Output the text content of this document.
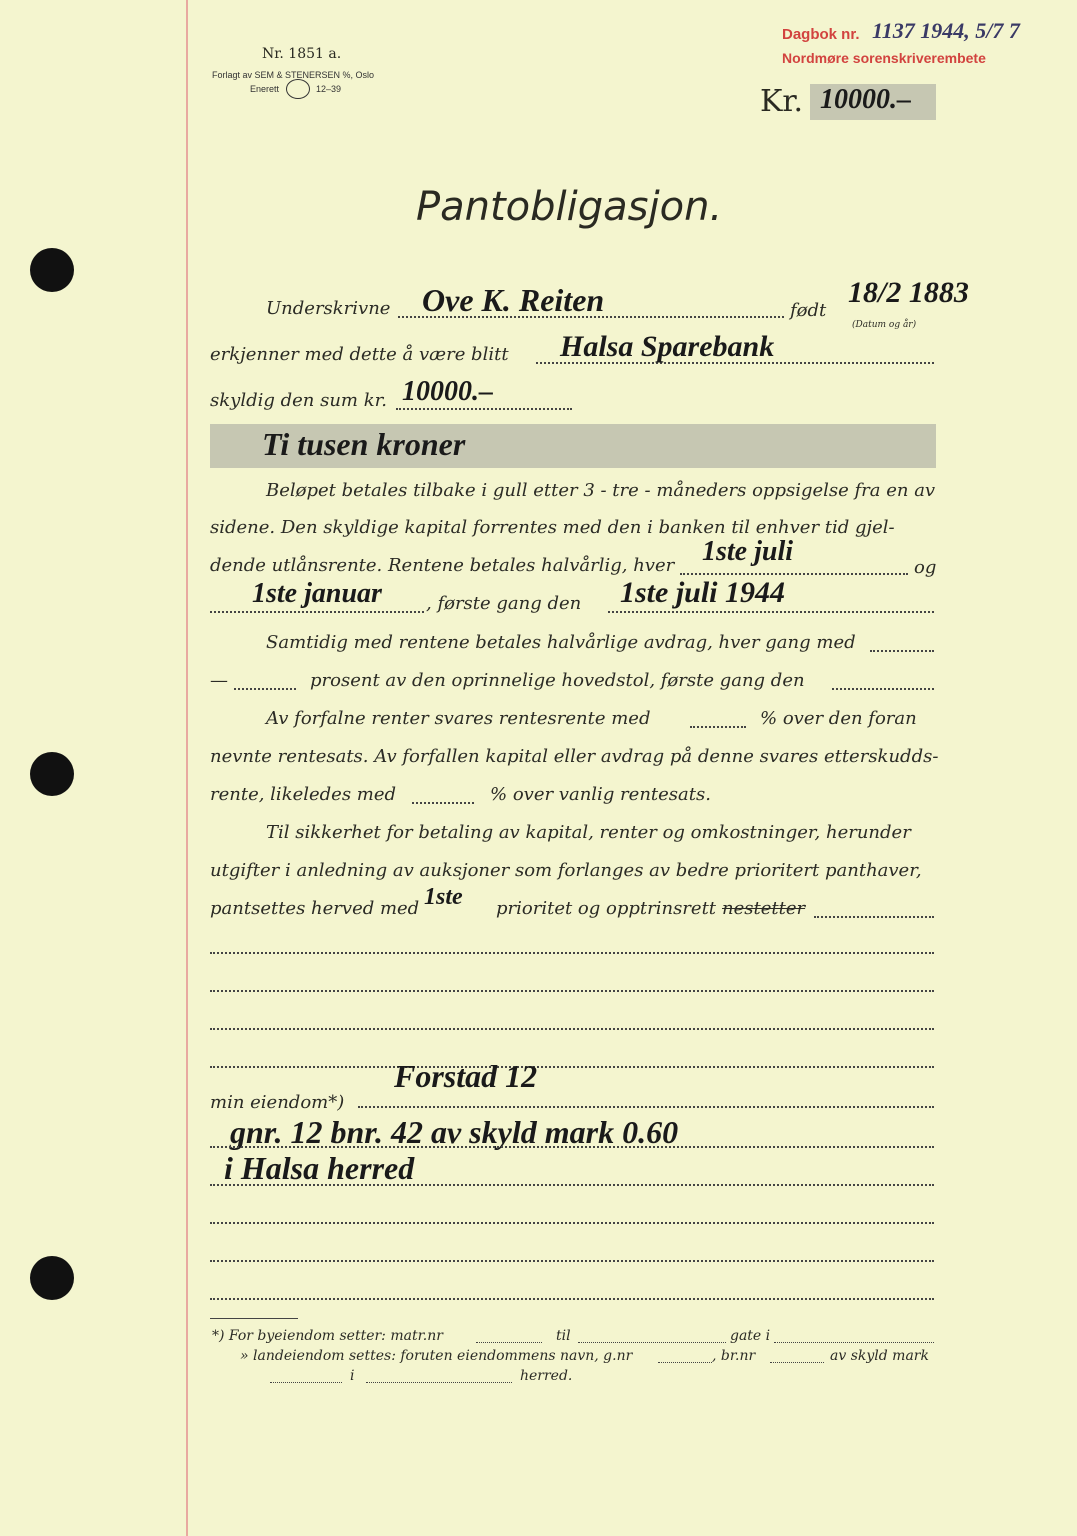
Dagbok nr. 1137 1944, 5/7 7
Nordmøre sorenskriverembete
Nr. 1851 a.
Forlagt av SEM & STENERSEN %, Oslo
Enerett	12–39	Kr. 10000.–
Pantobligasjon.
Underskrivne Ove K. Reiten	født
18/2 1883
(Datum og år)
erkjenner med dette å være blitt Halsa Sparebank
skyldig den sum kr. 10000.–
Ti tusen kroner
Beløpet betales tilbake i gull etter 3 - tre - måneders oppsigelse fra en av
sidene. Den skyldige kapital forrentes med den i banken til enhver tid gjel-
dende utlånsrente. Rentene betales halvårlig, hver 1ste juli
og
1ste januar , første gang den 1ste juli 1944
Samtidig med rentene betales halvårlige avdrag, hver gang med
—	prosent av den oprinnelige hovedstol, første gang den
Av forfalne renter svares rentesrente med	% over den foran
nevnte rentesats. Av forfallen kapital eller avdrag på denne svares etterskudds-
rente, likeledes med	% over vanlig rentesats.
Til sikkerhet for betaling av kapital, renter og omkostninger, herunder
utgifter i anledning av auksjoner som forlanges av bedre prioritert panthaver,
pantsettes herved med 1ste prioritet og opptrinsrett nestetter
min eiendom*)
Forstad 12
gnr. 12 bnr. 42 av skyld mark 0.60
i Halsa herred
*) For byeiendom setter: matr.nr	til	gate i
» landeiendom settes: foruten eiendommens navn, g.nr	, br.nr	av skyld mark
i	herred.
